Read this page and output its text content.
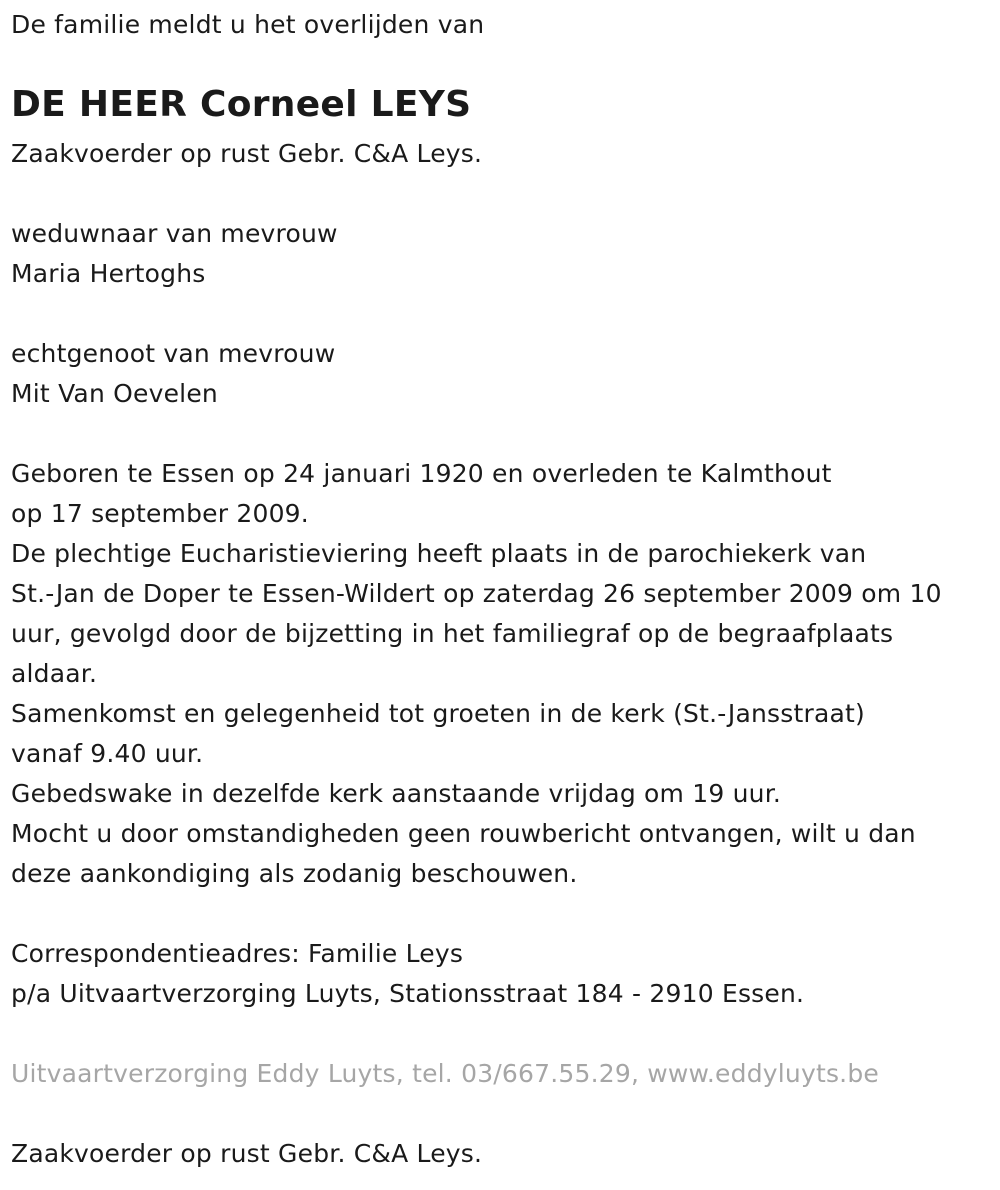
De familie meldt u het overlijden van
DE HEER Corneel LEYS
Zaakvoerder op rust Gebr. C&A Leys.
weduwnaar van mevrouw
Maria Hertoghs
echtgenoot van mevrouw
Mit Van Oevelen
Geboren te Essen op 24 januari 1920 en overleden te Kalmthout
op 17 september 2009.
De plechtige Eucharistieviering heeft plaats in de parochiekerk van
St.-Jan de Doper te Essen-Wildert op zaterdag 26 september 2009 om 10
uur, gevolgd door de bijzetting in het familiegraf op de begraafplaats
aldaar.
Samenkomst en gelegenheid tot groeten in de kerk (St.-Jansstraat)
vanaf 9.40 uur.
Gebedswake in dezelfde kerk aanstaande vrijdag om 19 uur.
Mocht u door omstandigheden geen rouwbericht ontvangen, wilt u dan
deze aankondiging als zodanig beschouwen.
Correspondentieadres: Familie Leys
p/a Uitvaartverzorging Luyts, Stationsstraat 184 - 2910 Essen.
Uitvaartverzorging Eddy Luyts, tel. 03/667.55.29, www.eddyluyts.be
Zaakvoerder op rust Gebr. C&A Leys.
